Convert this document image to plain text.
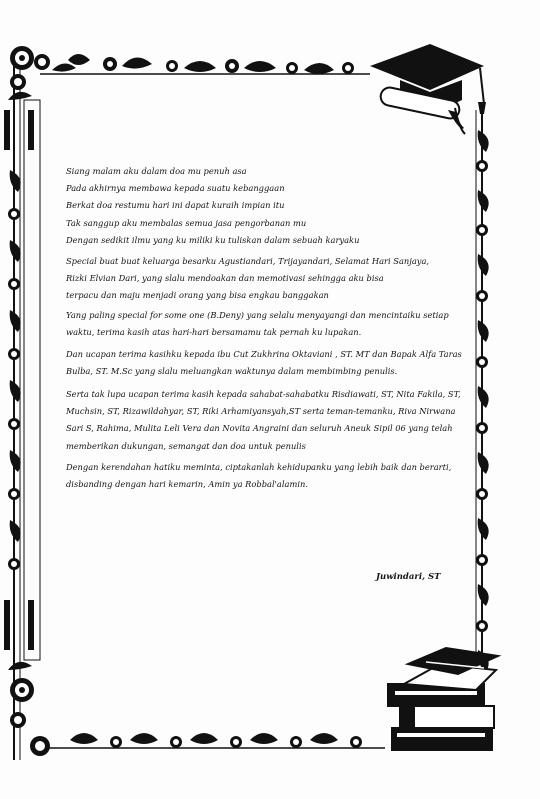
Siang malam aku dalam doa mu penuh asa
Pada akhirnya membawa kepada suatu kebanggaan
Berkat doa restumu hari ini dapat kuraih impian itu
Tak sanggup aku membalas semua jasa pengorbanan mu
Dengan sedikit ilmu yang ku miliki ku tuliskan dalam sebuah karyaku
Special buat buat keluarga besarku Agustiandari, Trijayandari, Selamat Hari Sanjaya,
Rizki Elvian Dari, yang slalu mendoakan dan memotivasi sehingga aku bisa
terpacu dan maju menjadi orang yang bisa engkau banggakan
Yang paling special for some one (B.Deny) yang selalu menyayangi dan mencintaiku setiap
waktu, terima kasih atas hari-hari bersamamu tak pernah ku lupakan.
Dan ucapan terima kasihku kepada ibu Cut Zukhrina Oktaviani , ST. MT dan Bapak Alfa Taras
Bulba, ST. M.Sc yang slalu meluangkan waktunya dalam membimbing penulis.
Serta tak lupa ucapan terima kasih kepada sahabat-sahabatku Risdiawati, ST, Nita Fakila, ST,
Muchsin, ST, Rizawildahyar, ST, Riki Arhamiyansyah,ST serta teman-temanku, Riva Nirwana
Sari S, Rahima, Mulita Leli Vera dan Novita Angraini dan seluruh Aneuk Sipil 06 yang telah
memberikan dukungan, semangat dan doa untuk penulis
Dengan kerendahan hatiku meminta, ciptakanlah kehidupanku yang lebih baik dan berarti,
disbanding dengan hari kemarin, Amin ya Robbal'alamin.

Juwindari, ST
